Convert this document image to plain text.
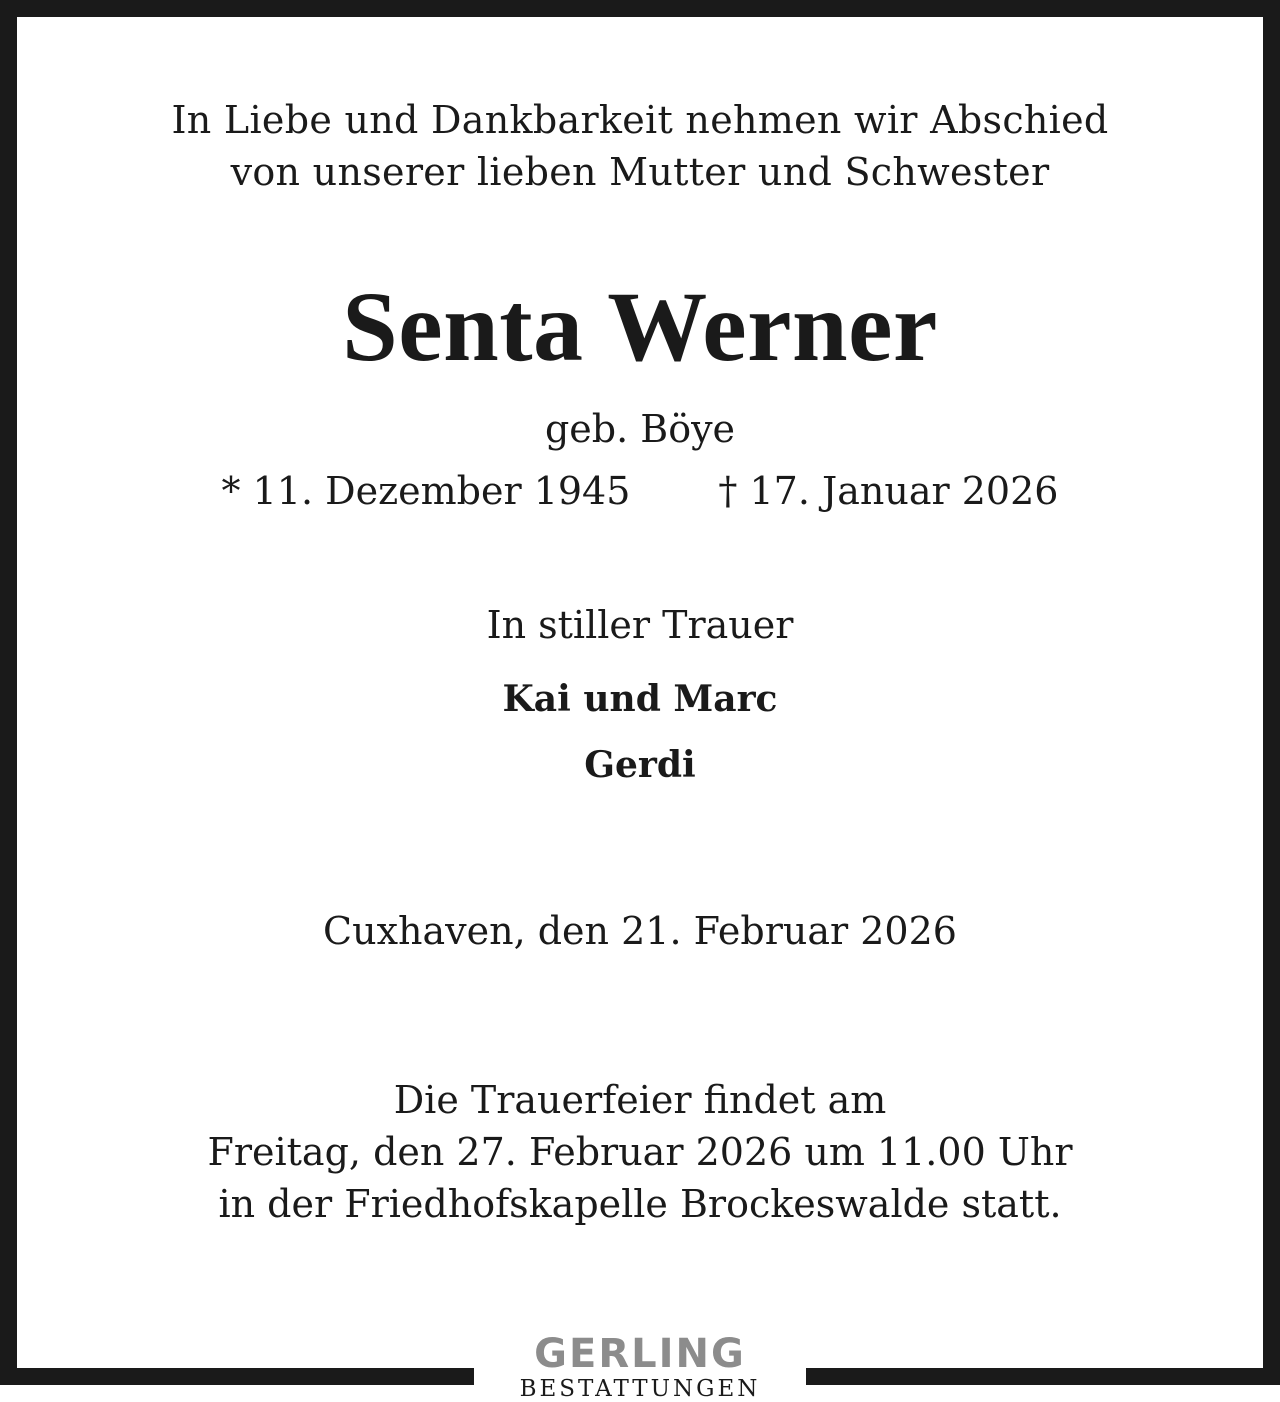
In Liebe und Dankbarkeit nehmen wir Abschied
von unserer lieben Mutter und Schwester
Senta Werner
geb. Böye
* 11. Dezember 1945 † 17. Januar 2026
In stiller Trauer
Kai und Marc
Gerdi
Cuxhaven, den 21. Februar 2026
Die Trauerfeier findet am
Freitag, den 27. Februar 2026 um 11.00 Uhr
in der Friedhofskapelle Brockeswalde statt.
GERLING
BESTATTUNGEN
